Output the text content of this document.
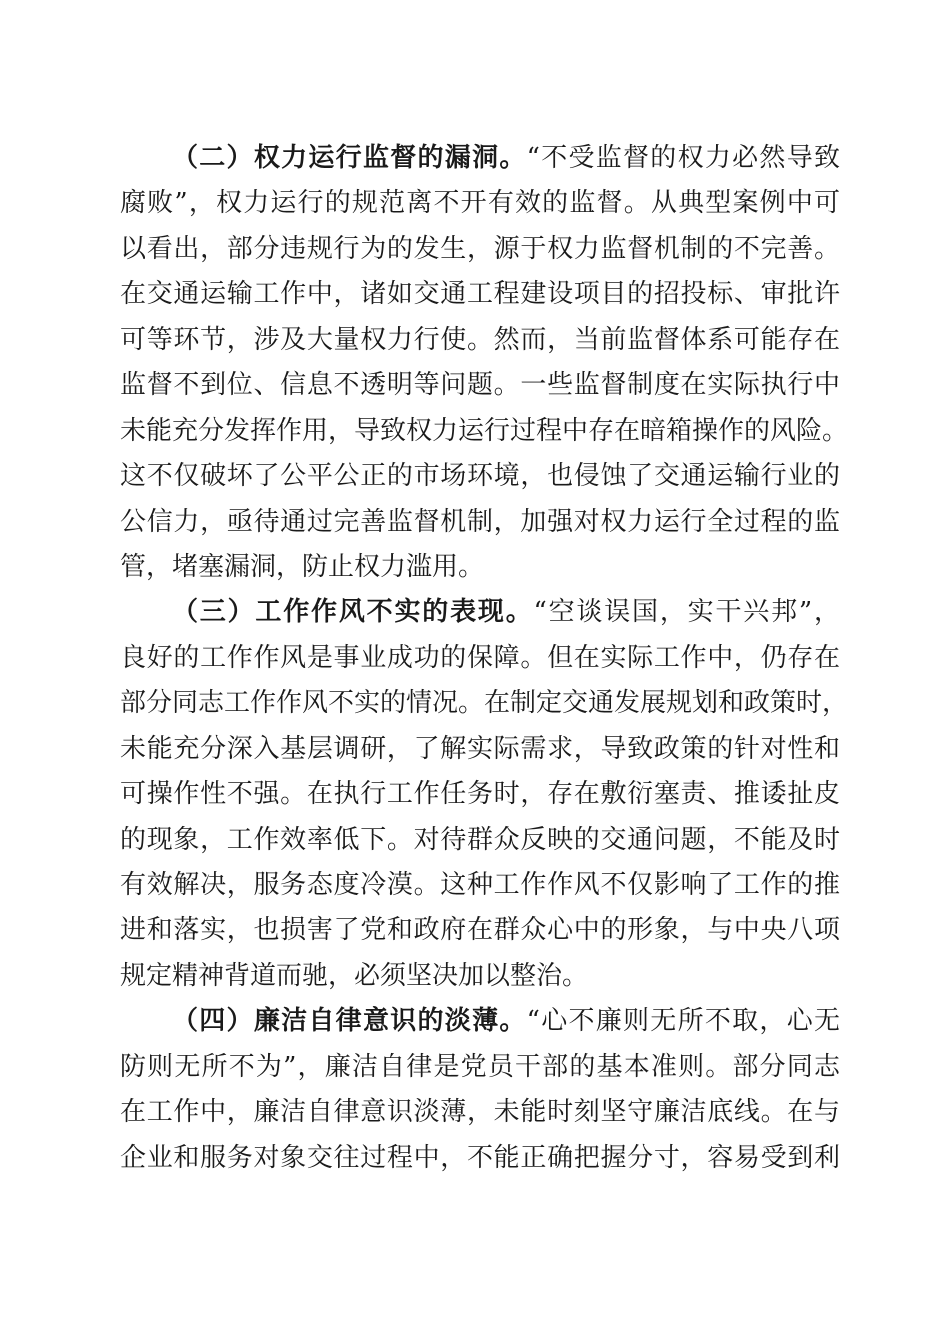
（二）权力运行监督的漏洞。“不受监督的权力必然导致
腐败”，权力运行的规范离不开有效的监督。从典型案例中可
以看出，部分违规行为的发生，源于权力监督机制的不完善。
在交通运输工作中，诸如交通工程建设项目的招投标、审批许
可等环节，涉及大量权力行使。然而，当前监督体系可能存在
监督不到位、信息不透明等问题。一些监督制度在实际执行中
未能充分发挥作用，导致权力运行过程中存在暗箱操作的风险。
这不仅破坏了公平公正的市场环境，也侵蚀了交通运输行业的
公信力，亟待通过完善监督机制，加强对权力运行全过程的监
管，堵塞漏洞，防止权力滥用。
（三）工作作风不实的表现。“空谈误国，实干兴邦”，
良好的工作作风是事业成功的保障。但在实际工作中，仍存在
部分同志工作作风不实的情况。在制定交通发展规划和政策时，
未能充分深入基层调研，了解实际需求，导致政策的针对性和
可操作性不强。在执行工作任务时，存在敷衍塞责、推诿扯皮
的现象，工作效率低下。对待群众反映的交通问题，不能及时
有效解决，服务态度冷漠。这种工作作风不仅影响了工作的推
进和落实，也损害了党和政府在群众心中的形象，与中央八项
规定精神背道而驰，必须坚决加以整治。
（四）廉洁自律意识的淡薄。“心不廉则无所不取，心无
防则无所不为”，廉洁自律是党员干部的基本准则。部分同志
在工作中，廉洁自律意识淡薄，未能时刻坚守廉洁底线。在与
企业和服务对象交往过程中，不能正确把握分寸，容易受到利
